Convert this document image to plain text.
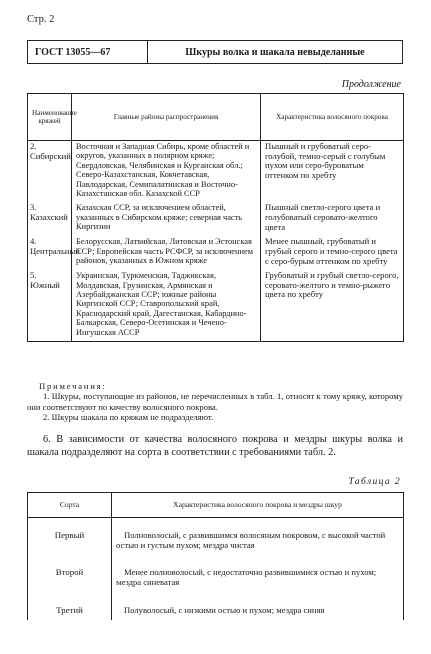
Стр. 2
ГОСТ 13055—67	Шкуры волка и шакала невыделанные
Продолжение
Наименование кряжей	Главные районы распространения	Характеристика волосяного покрова
2. Сибирский	Восточная и Западная Сибирь, кроме областей и округов, указанных в полярном кряже; Свердловская, Челябинская и Курганская обл.; Северо-Казахстанская, Кокчетавская, Павлодарская, Семипалатинская и Восточно-Казахстанская обл. Казахской ССР	Пышный и грубоватый серо-голубой, темно-серый с голубым пухом или серо-буроватым оттенком по хребту
3. Казахский	Казахская ССР, за исключением областей, указанных в Сибирском кряже; северная часть Киргизии	Пышный светло-серого цвета и голубоватый серовато-желтого цвета
4. Центральный	Белорусская, Латвийская, Литовская и Эстонская ССР; Европейская часть РСФСР, за исключением районов, указанных в Южном кряже	Менее пышный, грубоватый и грубый серого и темно-серого цвета с серо-бурым оттенком по хребту
5. Южный	Украинская, Туркменская, Таджикская, Молдавская, Грузинская, Армянская и Азербайджанская ССР; южные районы Киргизской ССР; Ставропольский край, Краснодарский край, Дагестанская, Кабардино-Балкарская, Северо-Осетинская и Чечено-Ингушская АССР	Грубоватый и грубый светло-серого, серовато-желтого и темно-рыжего цвета по хребту
Примечания:

1. Шкуры, поступающие из районов, не перечисленных в табл. 1, относят к тому кряжу, которому они соответствуют по качеству волосяного покрова.

2. Шкуры шакала по кряжам не подразделяют.

6. В зависимости от качества волосяного покрова и мездры шкуры волка и шакала подразделяют на сорта в соответствии с требованиями табл. 2.
Таблица 2
Сорта	Характеристика волосяного покрова и мездры шкур
Первый	Полноволосый, с развившимся волосяным покровом, с высокой частой остью и густым пухом; мездра чистая
Второй	Менее полноволосый, с недостаточно развившимися остью и пухом; мездра синеватая
Третий	Полуволосый, с низкими остью и пухом; мездра синяя
